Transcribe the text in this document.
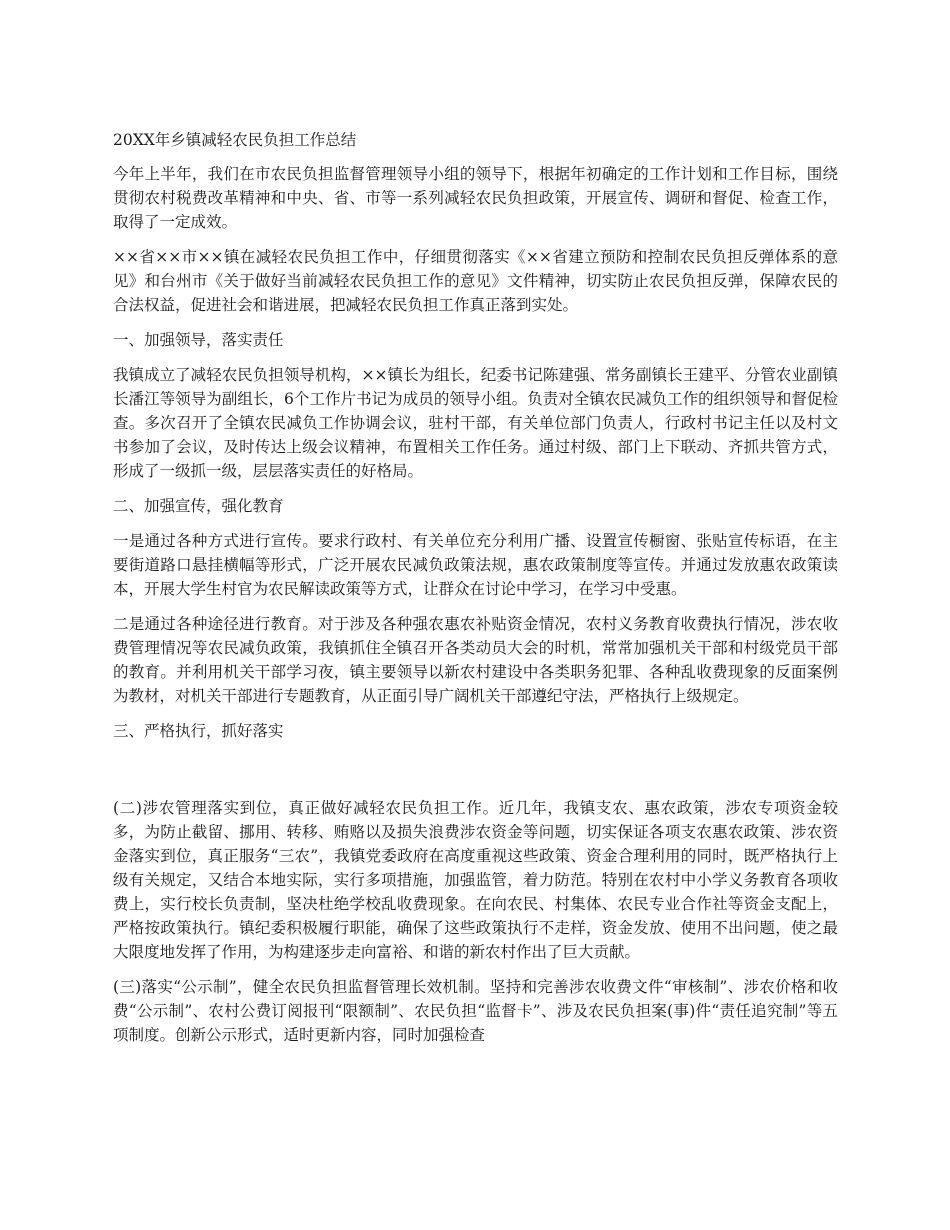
20XX年乡镇减轻农民负担工作总结

今年上半年，我们在市农民负担监督管理领导小组的领导下，根据年初确定的工作计划和工作目标，围绕贯彻农村税费改革精神和中央、省、市等一系列减轻农民负担政策，开展宣传、调研和督促、检查工作，取得了一定成效。

××省××市××镇在减轻农民负担工作中，仔细贯彻落实《××省建立预防和控制农民负担反弹体系的意见》和台州市《关于做好当前减轻农民负担工作的意见》文件精神，切实防止农民负担反弹，保障农民的合法权益，促进社会和谐进展，把减轻农民负担工作真正落到实处。

一、加强领导，落实责任

我镇成立了减轻农民负担领导机构，××镇长为组长，纪委书记陈建强、常务副镇长王建平、分管农业副镇长潘江等领导为副组长，6个工作片书记为成员的领导小组。负责对全镇农民减负工作的组织领导和督促检查。多次召开了全镇农民减负工作协调会议，驻村干部，有关单位部门负责人，行政村书记主任以及村文书参加了会议，及时传达上级会议精神，布置相关工作任务。通过村级、部门上下联动、齐抓共管方式，形成了一级抓一级，层层落实责任的好格局。

二、加强宣传，强化教育

一是通过各种方式进行宣传。要求行政村、有关单位充分利用广播、设置宣传橱窗、张贴宣传标语，在主要街道路口悬挂横幅等形式，广泛开展农民减负政策法规，惠农政策制度等宣传。并通过发放惠农政策读本，开展大学生村官为农民解读政策等方式，让群众在讨论中学习，在学习中受惠。

二是通过各种途径进行教育。对于涉及各种强农惠农补贴资金情况，农村义务教育收费执行情况，涉农收费管理情况等农民减负政策，我镇抓住全镇召开各类动员大会的时机，常常加强机关干部和村级党员干部的教育。并利用机关干部学习夜，镇主要领导以新农村建设中各类职务犯罪、各种乱收费现象的反面案例为教材，对机关干部进行专题教育，从正面引导广阔机关干部遵纪守法，严格执行上级规定。

三、严格执行，抓好落实

(二)涉农管理落实到位，真正做好减轻农民负担工作。近几年，我镇支农、惠农政策，涉农专项资金较多，为防止截留、挪用、转移、贿赂以及损失浪费涉农资金等问题，切实保证各项支农惠农政策、涉农资金落实到位，真正服务“三农”，我镇党委政府在高度重视这些政策、资金合理利用的同时，既严格执行上级有关规定，又结合本地实际，实行多项措施，加强监管，着力防范。特别在农村中小学义务教育各项收费上，实行校长负责制，坚决杜绝学校乱收费现象。在向农民、村集体、农民专业合作社等资金支配上，严格按政策执行。镇纪委积极履行职能，确保了这些政策执行不走样，资金发放、使用不出问题，使之最大限度地发挥了作用，为构建逐步走向富裕、和谐的新农村作出了巨大贡献。

(三)落实“公示制”，健全农民负担监督管理长效机制。坚持和完善涉农收费文件“审核制”、涉农价格和收费“公示制”、农村公费订阅报刊“限额制”、农民负担“监督卡”、涉及农民负担案(事)件“责任追究制”等五项制度。创新公示形式，适时更新内容，同时加强检查
